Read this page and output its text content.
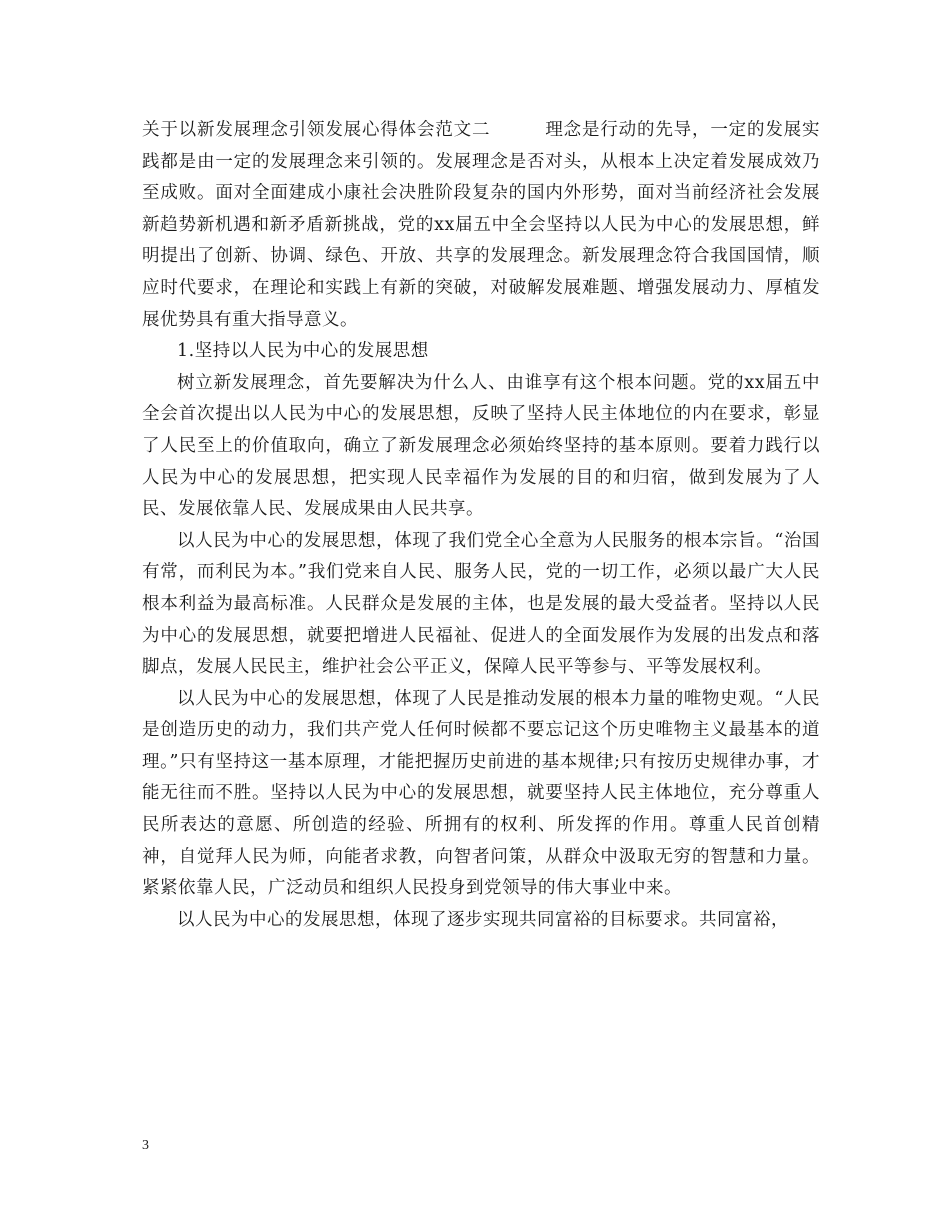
关于以新发展理念引领发展心得体会范文二　　　理念是行动的先导，一定的发展实践都是由一定的发展理念来引领的。发展理念是否对头，从根本上决定着发展成效乃至成败。面对全面建成小康社会决胜阶段复杂的国内外形势，面对当前经济社会发展新趋势新机遇和新矛盾新挑战，党的xx届五中全会坚持以人民为中心的发展思想，鲜明提出了创新、协调、绿色、开放、共享的发展理念。新发展理念符合我国国情，顺应时代要求，在理论和实践上有新的突破，对破解发展难题、增强发展动力、厚植发展优势具有重大指导意义。

1.坚持以人民为中心的发展思想

树立新发展理念，首先要解决为什么人、由谁享有这个根本问题。党的xx届五中全会首次提出以人民为中心的发展思想，反映了坚持人民主体地位的内在要求，彰显了人民至上的价值取向，确立了新发展理念必须始终坚持的基本原则。要着力践行以人民为中心的发展思想，把实现人民幸福作为发展的目的和归宿，做到发展为了人民、发展依靠人民、发展成果由人民共享。

以人民为中心的发展思想，体现了我们党全心全意为人民服务的根本宗旨。“治国有常，而利民为本。”我们党来自人民、服务人民，党的一切工作，必须以最广大人民根本利益为最高标准。人民群众是发展的主体，也是发展的最大受益者。坚持以人民为中心的发展思想，就要把增进人民福祉、促进人的全面发展作为发展的出发点和落脚点，发展人民民主，维护社会公平正义，保障人民平等参与、平等发展权利。

以人民为中心的发展思想，体现了人民是推动发展的根本力量的唯物史观。“人民是创造历史的动力，我们共产党人任何时候都不要忘记这个历史唯物主义最基本的道理。”只有坚持这一基本原理，才能把握历史前进的基本规律;只有按历史规律办事，才能无往而不胜。坚持以人民为中心的发展思想，就要坚持人民主体地位，充分尊重人民所表达的意愿、所创造的经验、所拥有的权利、所发挥的作用。尊重人民首创精神，自觉拜人民为师，向能者求教，向智者问策，从群众中汲取无穷的智慧和力量。紧紧依靠人民，广泛动员和组织人民投身到党领导的伟大事业中来。

以人民为中心的发展思想，体现了逐步实现共同富裕的目标要求。共同富裕，

3
